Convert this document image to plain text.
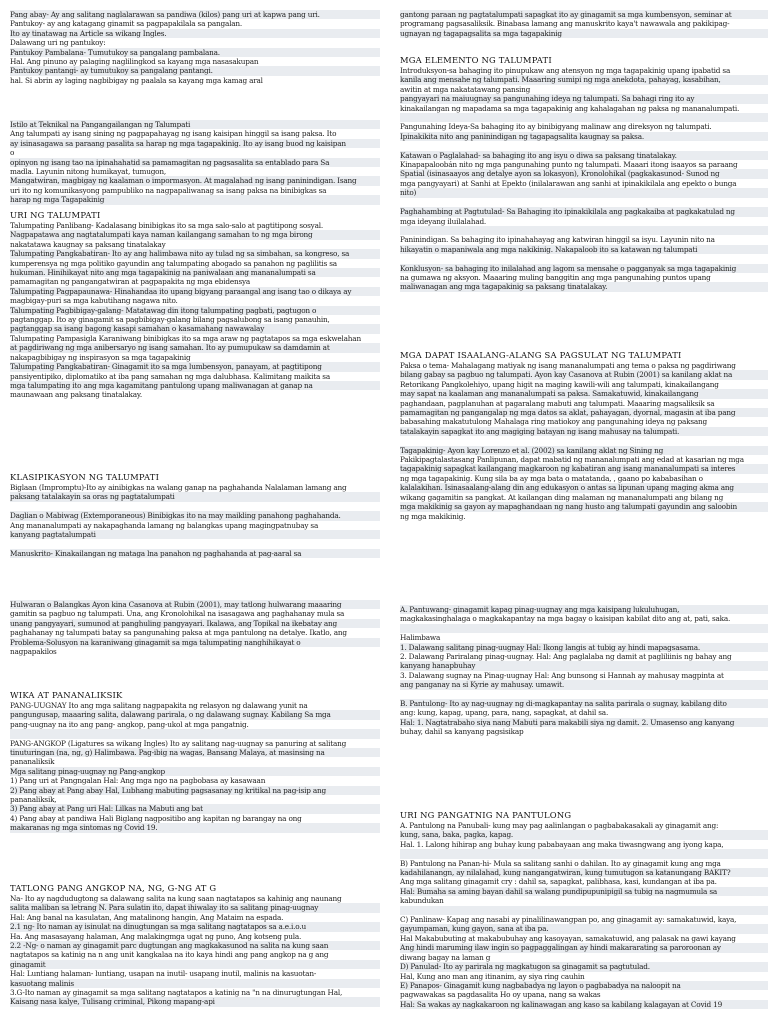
Pang abay- Ay ang salitang naglalarawan sa pandiwa (kilos) pang uri at kapwa pang uri.

Pantukoy- ay ang katagang ginamit sa pagpapakilala sa pangalan.

Ito ay tinatawag na Article sa wikang Ingles.

Dalawang uri ng pantukoy:

Pantukoy Pambalana- Tumutukoy sa pangalang pambalana.

Hal. Ang pinuno ay palaging naglilingkod sa kayang mga nasasakupan

Pantukoy pantangi- ay tumutukoy sa pangalang pantangi.

hal. Si abrin ay laging nagbibigay ng paalala sa kayang mga kamag aral

Istilo at Teknikal na Pangangailangan ng Talumpati

Ang talumpati ay isang sining ng pagpapahayag ng isang kaisipan hinggil sa isang paksa. Ito

ay isinasagawa sa paraang pasalita sa harap ng mga tagapakinig. Ito ay isang buod ng kaisipan

o

opinyon ng isang tao na ipinahahatid sa pamamagitan ng pagsasalita sa entablado para Sa

madla. Layunin nitong humikayat, tumugon,

Mangatwiran, magbigay ng kaalaman o impormasyon. At magalahad ng isang paninindigan. Isang

uri ito ng komunikasyong pampubliko na nagpapaliwanag sa isang paksa na binibigkas sa

harap ng mga Tagapakinig

URI NG TALUMPATI

Talumpating Panlibang- Kadalasang binibigkas ito sa mga salo-salo at pagtitipong sosyal.

Nagpapatawa ang nagtatalumpati kaya naman kailangang samahan to ng mga birong

nakatatawa kaugnay sa paksang tinatalakay

Talumpating Pangkabatiran- Ito ay ang halimbawa nito ay tulad ng sa simbahan, sa kongreso, sa

kumperensya ng mga politiko gayundin ang talumpating abogado sa panahon ng paglilitis sa

hukuman. Hinihikayat nito ang mga tagapakinig na paniwalaan ang mananalumpati sa

pamamagitan ng pangangatwiran at pagpapakita ng mga ebidensya

Talumpating Pagpapaunawa- Hinahandaa ito upang bigyang paraangal ang isang tao o dikaya ay

magbigay-puri sa mga kabutihang nagawa nito.

Talumpating Pagbibigay-galang- Matatawag din itong talumpating pagbati, pagtugon o

pagtanggap. Ito ay ginagamit sa pagbibigay-galang bilang pagsalubong sa isang panauhin,

pagtanggap sa isang bagong kasapi samahan o kasamahang nawawalay

Talumpating Pampasigla Karaniwang binibigkas ito sa mga araw ng pagtatapos sa mga eskwelahan

at pagdiriwang ng mga anibersaryo ng isang samahan. Ito ay pumupukaw sa damdamin at

nakapagbibigay ng inspirasyon sa mga tagapakinig

Talumpating Pangkabatiran- Ginagamit ito sa mga lumbensyon, panayam, at pagtitipong

pansiyentipiko, diplomatiko at iba pang samahan ng mga dalubhasa. Kalimitang maikita sa

mga talumpating ito ang mga kagamitang pantulong upang maliwanagan at ganap na

maunawaan ang paksang tinatalakay.

KLASIPIKASYON NG TALUMPATI

Biglaan (Impromptu)-Ito ay ainibigkas na walang ganap na paghahanda Nalalaman lamang ang

paksang tatalakayin sa oras ng pagtatalumpati

Daglian o Mabiwag (Extemporaneous) Binibigkas ito na may maikling panahong paghahanda.

Ang mananalumpati ay nakapaghanda lamang ng balangkas upang magingpatnubay sa

kanyang pagtatalumpati

Manuskrito- Kinakailangan ng mataga lna panahon ng paghahanda at pag-aaral sa

Hulwaran o Balangkas Ayon kina Casanova at Rubin (2001), may tatlong hulwarang maaaring

gamitin sa pagbuo ng talumpati. Una, ang Kronolohikal na isasagawa ang paghahanay mula sa

unang pangyayari, sumunod at panghuling pangyayari. Ikalawa, ang Topikal na ikebatay ang

paghahanay ng talumpati batay sa pangunahing paksa at mga pantulong na detalye. Ikatlo, ang

Problema-Solusyon na karaniwang ginagamit sa mga talumpating nanghihikayat o

nagpapakilos

WIKA AT PANANALIKSIK

PANG-UUGNAY Ito ang mga salitang nagpapakita ng relasyon ng dalawang yunit na

pangungusap, maaaring salita, dalawang parirala, o ng dalawang sugnay. Kabilang Sa mga

pang-uugnay na ito ang pang- angkop, pang-ukol at mga pangatnig.

PANG-ANGKOP (Ligatures sa wikang Ingles) Ito ay salitang nag-uugnay sa panuring at salitang

tinuturingan (na, ng, g) Halimbawa. Pag-ibig na wagas, Bansang Malaya, at masinsing na

pananaliksik

Mga salitang pinag-uugnay ng Pang-angkop

1) Pang uri at Pangngalan Hal: Ang mga ngo na pagbobasa ay kasawaan

2) Pang abay at Pang abay Hal, Lubhang mabuting pagsasanay ng kritikal na pag-isip ang

pananaliksik,

3) Pang abay at Pang uri Hal: Lilkas na Mabuti ang bat

4) Pang abay at pandiwa Hali Biglang nagpositibo ang kapitan ng barangay na ong

makaranas ng mga sintomas ng Covid 19.

TATLONG PANG ANGKOP NA, NG, G-NG AT G

Na- Ito ay nagdudugtong sa dalawang salita na kung saan nagtatapos sa kahinig ang naunang

salita maliban sa letrang N. Para sulatin ito, dapat ihiwalay ito sa salitang pinag-uugnay

Hal: Ang banal na kasulatan, Ang matalinong hangin, Ang Mataim na espada.

2.1 ng- Ito naman ay isinulat na dinugtungan sa mga salitang nagtatapos sa a.e.i.o.u

Ha. Ang masasayang halaman, Ang malakingmga ugat ng puno, Ang kotseng pula.

2.2 -Ng- o naman ay ginagamit parc dugtungan ang magkakasunod na salita na kung saan

nagtatapos sa katinig na n ang unit kangkalaa na ito kaya hindi ang pang angkop na g ang

ginagamit

Hal: Luntiang halaman- luntiang, usapan na inutil- usapang inutil, malinis na kasuotan-

kasuotang malinis

3.G-Ito naman ay ginagamit sa mga salitang nagtatapos a katinig na "n na dinurugtungan Hal,

Kaisang nasa kalye, Tulisang criminal, Pikong mapang-api

gantong paraan ng pagtatalumpati sapagkat ito ay ginagamit sa mga kumbensyon, seminar at

programang pagsasaliksik. Binabasa lamang ang manuskrito kaya't nawawala ang pakikipag-

ugnayan ng tagapagsalita sa mga tagapakinig

MGA ELEMENTO NG TALUMPATI

Introduksyon-sa bahaging ito pinupukaw ang atensyon ng mga tagapakinig upang ipabatid sa

kanila ang mensahe ng talumpati. Maaaring sumipi ng mga anekdota, pahayag, kasabihan,

awitin at mga nakatatawang pansing

pangyayari na maiuugnay sa pangunahing ideya ng talumpati. Sa bahagi ring ito ay

kinakailangan ng mapadama sa mga tagapakinig ang kahalagahan ng paksa ng mananalumpati.

Pangunahing Ideya-Sa bahaging ito ay binibigyang malinaw ang direksyon ng talumpati.

Ipinakikita nito ang paninindigan ng tagapagsalita kaugnay sa paksa.

Katawan o Paglalahad- sa bahaging ito ang isyu o diwa sa paksang tinatalakay.

Kinapapaloobán nito ng mga pangunahing punto ng talumpati. Maaari itong isaayos sa paraang

Spatial (isinasaayos ang detalye ayon sa lokasyon), Kronolohikal (pagkakasunod- Sunod ng

mga pangyayari) at Sanhi at Epekto (inilalarawan ang sanhi at ipinakikilala ang epekto o bunga

nito)

Paghahambing at Pagtutulad- Sa Bahaging ito ipinakikilala ang pagkakaiba at pagkakatulad ng

mga ideyang iluilalahad.

Paninindigan. Sa bahaging ito ipinahahayag ang katwiran hinggil sa isyu. Layunin nito na

hikayatin o mapaniwala ang mga nakikinig. Nakapaloob ito sa katawan ng talumpati

Konklusyon- sa bahaging ito inilalahad ang lagom sa mensahe o pagganyak sa mga tagapakinig

na gumawa ng aksyon. Maaaring muling banggitin ang mga pangunahing puntos upang

maliwanagan ang mga tagapakinig sa paksang tinatalakay.

MGA DAPAT ISAALANG-ALANG SA PAGSULAT NG TALUMPATI

Paksa o tema- Mahalagang matiyak ng isang mananalumpati ang tema o paksa ng pagdiriwang

bilang gabay sa pagbuo ng talumpati. Ayon kay Casanova at Rubin (2001) sa kanilang aklat na

Retorikang Pangkolehiyo, upang higit na maging kawili-wili ang talumpati, kinakailangang

may sapat na kaalaman ang mananalumpati sa paksa. Samakatuwid, kinakailangang

paghandaan, pagplanuhan at pagaralang mabuti ang talumpati. Maaaring magsaliksik sa

pamamagitan ng pangangalap ng mga datos sa aklat, pahayagan, dyornal, magasin at iba pang

babasahing makatutulong Mahalaga ring matiokoy ang pangunahing ideya ng paksang

tatalakayin sapagkat ito ang magiging batayan ng isang mahusay na talumpati.

Tagapakinig- Ayon kay Lorenzo et al. (2002) sa kanilang aklat ng Sining ng

Pakikipagtalastasang Panlipunan, dapat mabatid ng mananalumpati ang edad at kasarian ng mga

tagapakinig sapagkat kailangang magkaroon ng kabatiran ang isang mananalumpati sa interes

ng mga tagapakinig. Kung sila ba ay mga bata o matatanda, , gaano po kababasihan o

kalalakihan. Isinasaalang-alang din ang edukasyon o antas sa lipunan upang maging akma ang

wikang gagamitin sa pangkat. At kailangan ding malaman ng mananalumpati ang bilang ng

mga makikinig sa gayon ay mapaghandaan ng nang husto ang talumpati gayundin ang saloobin

ng mga makikinig.

A. Pantuwang- ginagamit kapag pinag-uugnay ang mga kaisipang lukuluhugan,

magkakasinghalaga o magkakapantay na mga bagay o kaisipan kabilat dito ang at, pati, saka.

Halimbawa

1. Dalawang salitang pinag-uugnay Hal: Ikong langis at tubig ay hindi mapagsasama.

2. Dalawang Pariralang pinag-uugnay. Hal: Ang paglalaba ng damit at pagliliinis ng bahay ang

kanyang hanapbuhay

3. Dalawang sugnay na Pinag-uugnay Hal: Ang bunsong si Hannah ay mahusay magpinta at

ang panganay na si Kyrie ay mahusay. umawit.

B. Pantulong- Ito ay nag-uugnay ng di-magkapantay na salita parirala o sugnay, kabilang dito

ang: kung, kapag, upang, para, nang, sapagkat, at dahil sa.

Hal: 1. Nagtatrabaho siya nang Mabuti para makabili siya ng damit. 2. Umasenso ang kanyang

buhay, dahil sa kanyang pagsisikap

URI NG PANGATNIG NA PANTULONG

A. Pantulong na Panubali- kung may pag aalinlangan o pagbabakasakali ay ginagamit ang:

kung, sana, baka, pagka, kapag.

Hal. 1. Lalong hihirap ang buhay kung pababayaan ang maka tiwasngwang ang iyong kapa,

B) Pantulong na Panan-hi- Mula sa salitang sanhi o dahilan. Ito ay ginagamit kung ang mga

kadahilanangn, ay nilalahad, kung nangangatwiran, kung tumutugon sa katanungang BAKIT?

Ang mga salitang ginagamit cry : dahil sa, sapagkat, palibhasa, kasi, kundangan at iba pa.

Hal: Bumaha sa aming bayan dahil sa walang pundipupunipigil sa tubig na nagmumula sa

kabundukan

C) Panlinaw- Kapag ang nasabi ay pinalilinawangpan po, ang ginagamit ay: samakatuwid, kaya,

gayumpaman, kung gayon, sana at iba pa.

Hal Makabubuting at makabubuhay ang kasoyayan, samakatuwid, ang palasak na gawi kayang

Ang hindi maruming ilaw ingin so pagpaggalingan ay hindi makararating sa paroroonan ay

diwang bagay na laman g

D) Panulad- Ito ay parirala ng magkatugon sa ginagamit sa pagtutulad.

Hal, Kung ano man ang itinanim, ay siya ring cauhin

E) Panapos- Ginagamit kung nagbabadya ng layon o pagbabadya na naloopit na

pagwawakas sa pagdasalita Ho oy upana, nang sa wakas

Hal: Sa wakas ay nagkakaroon ng kalinawagan ang kaso sa kabilang kalagayan at Covid 19
